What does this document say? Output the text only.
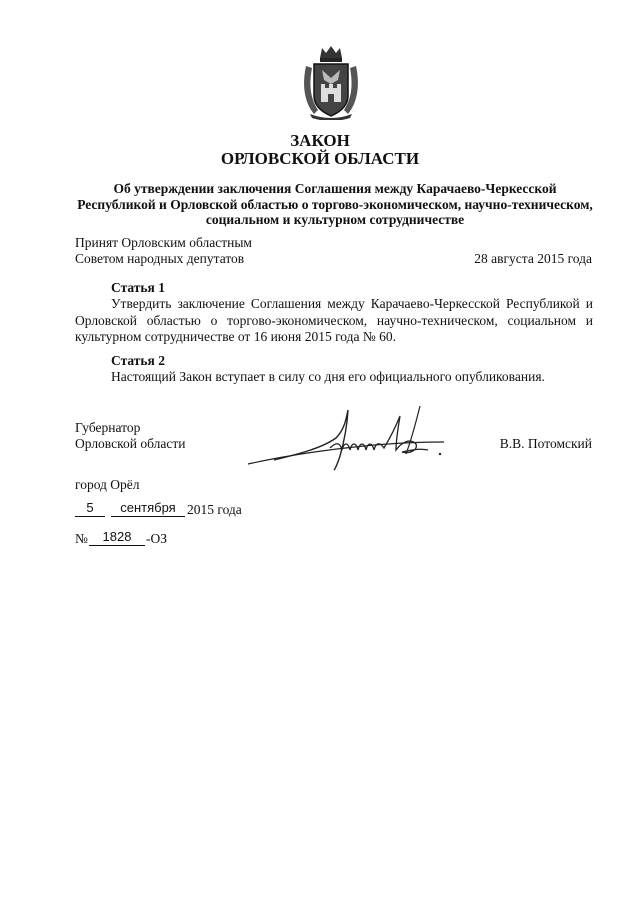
ЗАКОН
ОРЛОВСКОЙ ОБЛАСТИ
Об утверждении заключения Соглашения между Карачаево-Черкесской Республикой и Орловской областью о торгово-экономическом, научно-техническом, социальном и культурном сотрудничестве
Принят Орловским областным
Советом народных депутатов	28 августа 2015 года
Статья 1
Утвердить заключение Соглашения между Карачаево-Черкесской Республикой и Орловской областью о торгово-экономическом, научно-техническом, социальном и культурном сотрудничестве от 16 июня 2015 года № 60.
Статья 2
Настоящий Закон вступает в силу со дня его официального опубликования.
Губернатор
Орловской области	В.В. Потомский
город Орёл
5	сентября 2015 года
№	1828	-ОЗ
